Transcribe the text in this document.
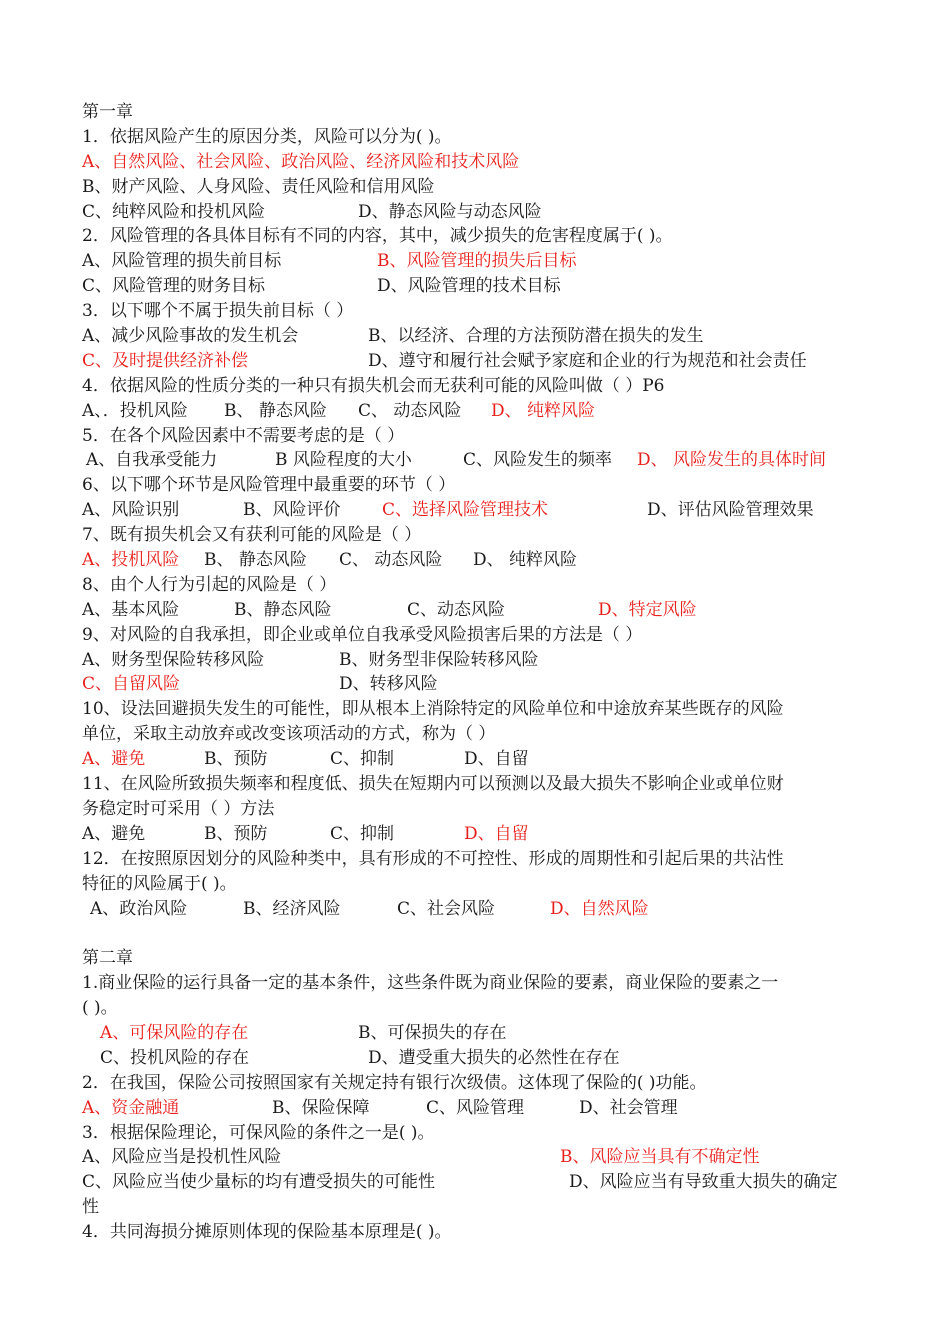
第一章
1．依据风险产生的原因分类，风险可以分为( )。
A、自然风险、社会风险、政治风险、经济风险和技术风险
B、财产风险、人身风险、责任风险和信用风险
C、纯粹风险和投机风险	D、静态风险与动态风险
2．风险管理的各具体目标有不同的内容，其中，减少损失的危害程度属于( )。
A、风险管理的损失前目标	B、风险管理的损失后目标
C、风险管理的财务目标	D、风险管理的技术目标
3．以下哪个不属于损失前目标（ ）
A、减少风险事故的发生机会	B、以经济、合理的方法预防潜在损失的发生
C、及时提供经济补偿	D、遵守和履行社会赋予家庭和企业的行为规范和社会责任
4．依据风险的性质分类的一种只有损失机会而无获利可能的风险叫做（ ）P6
A、．投机风险 B、 静态风险 C、 动态风险 D、 纯粹风险
5．在各个风险因素中不需要考虑的是（ ）
A、自我承受能力	B 风险程度的大小	C、风险发生的频率 D、 风险发生的具体时间
6、以下哪个环节是风险管理中最重要的环节（ ）
A、风险识别	B、风险评价 C、选择风险管理技术	D、评估风险管理效果
7、既有损失机会又有获利可能的风险是（ ）
A、投机风险 B、 静态风险 C、 动态风险 D、 纯粹风险
8、由个人行为引起的风险是（ ）
A、基本风险	B、静态风险	C、动态风险	D、特定风险
9、对风险的自我承担，即企业或单位自我承受风险损害后果的方法是（ ）
A、财务型保险转移风险	B、财务型非保险转移风险
C、自留风险	D、转移风险
10、设法回避损失发生的可能性，即从根本上消除特定的风险单位和中途放弃某些既存的风险
单位，采取主动放弃或改变该项活动的方式，称为（ ）
A、避免	B、预防	C、抑制	D、自留
11、在风险所致损失频率和程度低、损失在短期内可以预测以及最大损失不影响企业或单位财
务稳定时可采用（ ）方法
A、避免	B、预防	C、抑制	D、自留
12．在按照原因划分的风险种类中，具有形成的不可控性、形成的周期性和引起后果的共沾性
特征的风险属于( )。
A、政治风险	B、经济风险	C、社会风险	D、自然风险
第二章
1.商业保险的运行具备一定的基本条件，这些条件既为商业保险的要素，商业保险的要素之一
( )。
A、可保风险的存在	B、可保损失的存在
C、投机风险的存在	D、遭受重大损失的必然性在存在
2．在我国，保险公司按照国家有关规定持有银行次级债。这体现了保险的( )功能。
A、资金融通	B、保险保障	C、风险管理	D、社会管理
3．根据保险理论，可保风险的条件之一是( )。
A、风险应当是投机性风险	B、风险应当具有不确定性
C、风险应当使少量标的均有遭受损失的可能性	D、风险应当有导致重大损失的确定
性
4．共同海损分摊原则体现的保险基本原理是( )。
